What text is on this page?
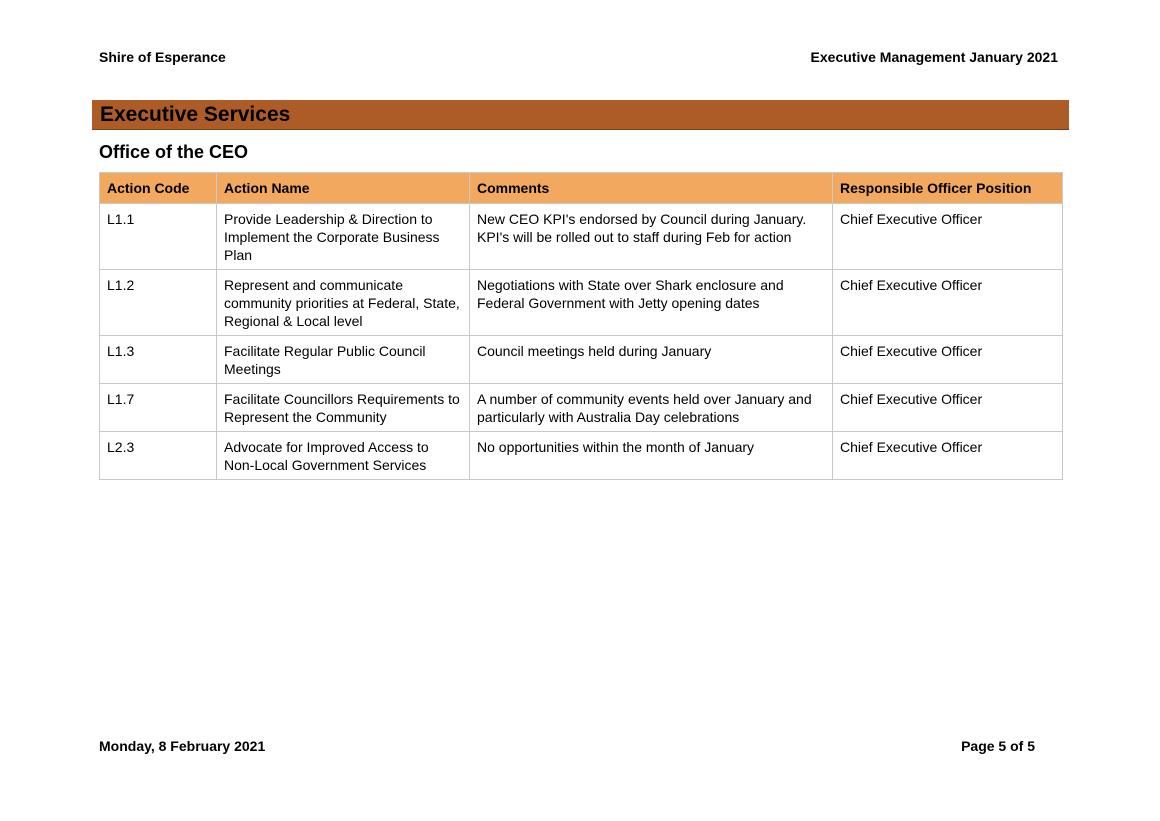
Shire of Esperance	Executive Management January 2021
Executive Services
Office of the CEO
Action Code	Action Name	Comments	Responsible Officer Position
L1.1	Provide Leadership & Direction to Implement the Corporate Business Plan	New CEO KPI's endorsed by Council during January. KPI's will be rolled out to staff during Feb for action	Chief Executive Officer
L1.2	Represent and communicate community priorities at Federal, State, Regional & Local level	Negotiations with State over Shark enclosure and Federal Government with Jetty opening dates	Chief Executive Officer
L1.3	Facilitate Regular Public Council Meetings	Council meetings held during January	Chief Executive Officer
L1.7	Facilitate Councillors Requirements to Represent the Community	A number of community events held over January and particularly with Australia Day celebrations	Chief Executive Officer
L2.3	Advocate for Improved Access to Non-Local Government Services	No opportunities within the month of January	Chief Executive Officer
Monday, 8 February 2021	Page 5 of 5
